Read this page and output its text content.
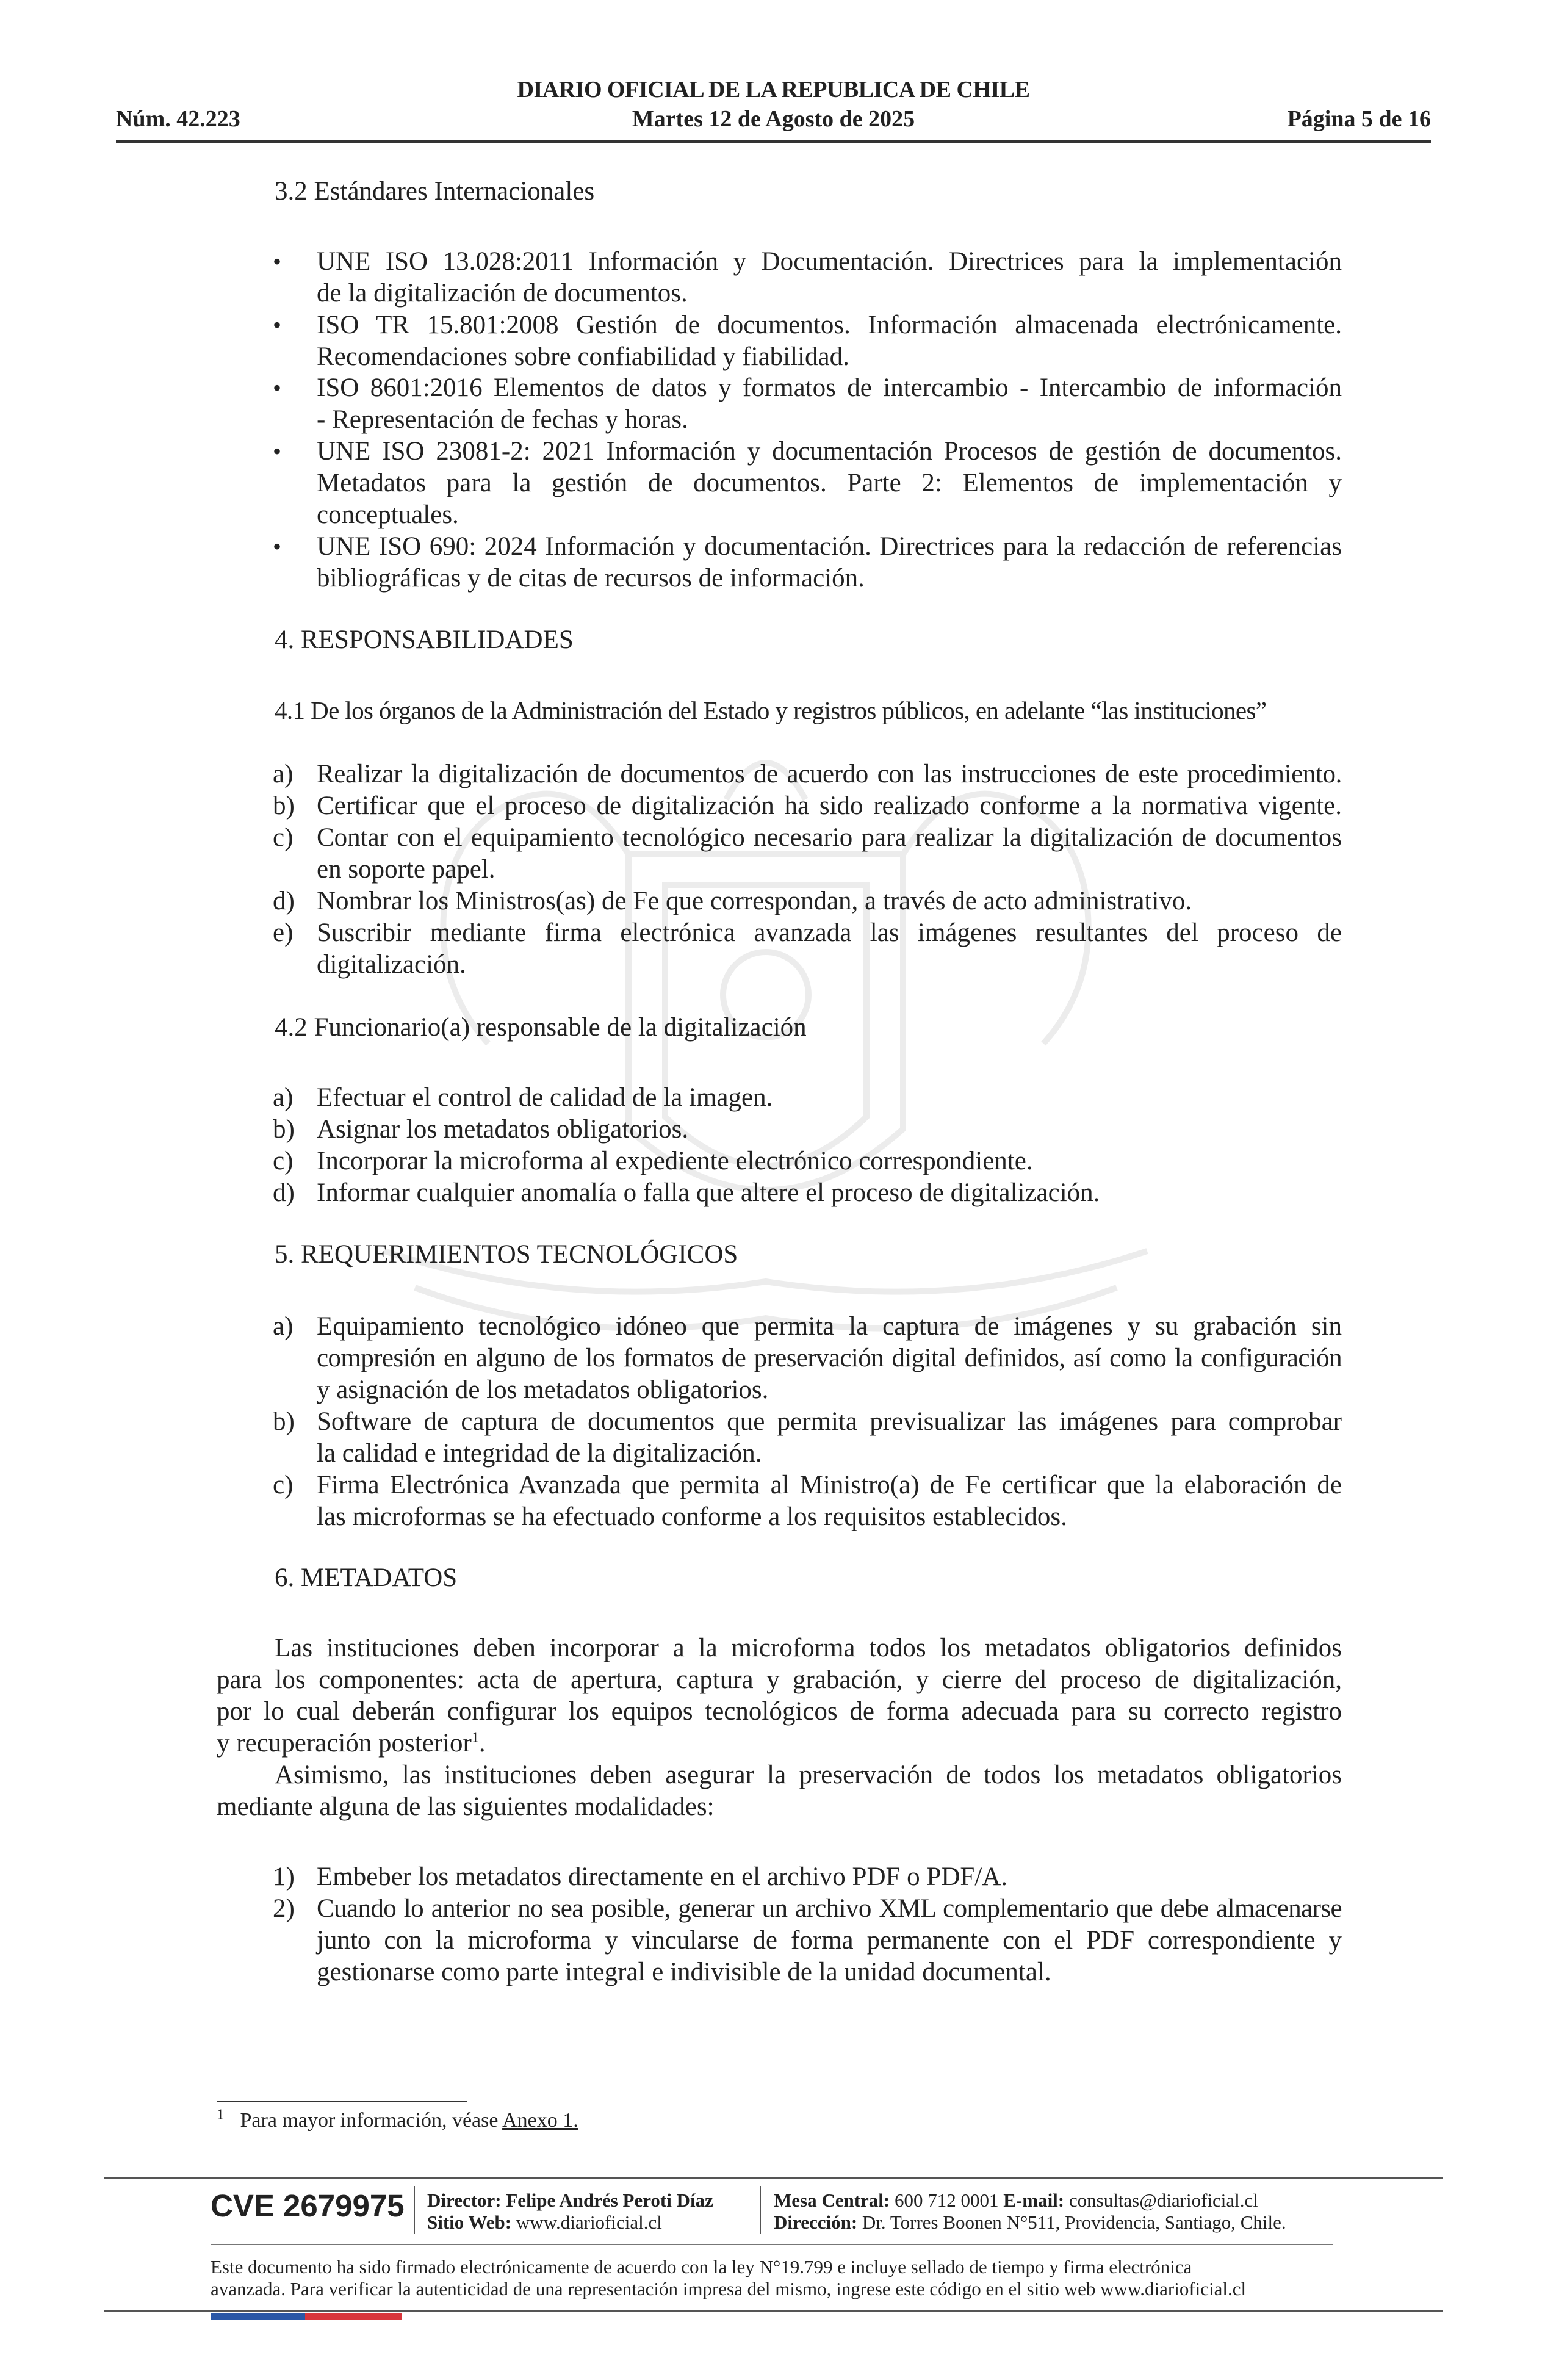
DIARIO OFICIAL DE LA REPUBLICA DE CHILE
Núm. 42.223	Martes 12 de Agosto de 2025	Página 5 de 16
3.2 Estándares Internacionales
• UNE ISO 13.028:2011 Información y Documentación. Directrices para la implementación
de la digitalización de documentos.
• ISO TR 15.801:2008 Gestión de documentos. Información almacenada electrónicamente.
Recomendaciones sobre confiabilidad y fiabilidad.
• ISO 8601:2016 Elementos de datos y formatos de intercambio - Intercambio de información
- Representación de fechas y horas.
• UNE ISO 23081-2: 2021 Información y documentación Procesos de gestión de documentos.
Metadatos para la gestión de documentos. Parte 2: Elementos de implementación y
conceptuales.
• UNE ISO 690: 2024 Información y documentación. Directrices para la redacción de referencias
bibliográficas y de citas de recursos de información.
4. RESPONSABILIDADES
4.1 De los órganos de la Administración del Estado y registros públicos, en adelante “las instituciones”
a) Realizar la digitalización de documentos de acuerdo con las instrucciones de este procedimiento.
b) Certificar que el proceso de digitalización ha sido realizado conforme a la normativa vigente.
c) Contar con el equipamiento tecnológico necesario para realizar la digitalización de documentos
en soporte papel.
d) Nombrar los Ministros(as) de Fe que correspondan, a través de acto administrativo.
e) Suscribir mediante firma electrónica avanzada las imágenes resultantes del proceso de
digitalización.
4.2 Funcionario(a) responsable de la digitalización
a) Efectuar el control de calidad de la imagen.
b) Asignar los metadatos obligatorios.
c) Incorporar la microforma al expediente electrónico correspondiente.
d) Informar cualquier anomalía o falla que altere el proceso de digitalización.
5. REQUERIMIENTOS TECNOLÓGICOS
a) Equipamiento tecnológico idóneo que permita la captura de imágenes y su grabación sin
compresión en alguno de los formatos de preservación digital definidos, así como la configuración
y asignación de los metadatos obligatorios.
b) Software de captura de documentos que permita previsualizar las imágenes para comprobar
la calidad e integridad de la digitalización.
c) Firma Electrónica Avanzada que permita al Ministro(a) de Fe certificar que la elaboración de
las microformas se ha efectuado conforme a los requisitos establecidos.
6. METADATOS
Las instituciones deben incorporar a la microforma todos los metadatos obligatorios definidos
para los componentes: acta de apertura, captura y grabación, y cierre del proceso de digitalización,
por lo cual deberán configurar los equipos tecnológicos de forma adecuada para su correcto registro
y recuperación posterior$^1$.
Asimismo, las instituciones deben asegurar la preservación de todos los metadatos obligatorios
mediante alguna de las siguientes modalidades:
1) Embeber los metadatos directamente en el archivo PDF o PDF/A.
2) Cuando lo anterior no sea posible, generar un archivo XML complementario que debe almacenarse
junto con la microforma y vincularse de forma permanente con el PDF correspondiente y
gestionarse como parte integral e indivisible de la unidad documental.
$^1$ Para mayor información, véase Anexo 1.
CVE 2679975 Director: Felipe Andrés Peroti Díaz
Sitio Web: www.diarioficial.cl
Mesa Central: 600 712 0001 E-mail: consultas@diarioficial.cl
Dirección: Dr. Torres Boonen N°511, Providencia, Santiago, Chile.
Este documento ha sido firmado electrónicamente de acuerdo con la ley N°19.799 e incluye sellado de tiempo y firma electrónica
avanzada. Para verificar la autenticidad de una representación impresa del mismo, ingrese este código en el sitio web www.diarioficial.cl
